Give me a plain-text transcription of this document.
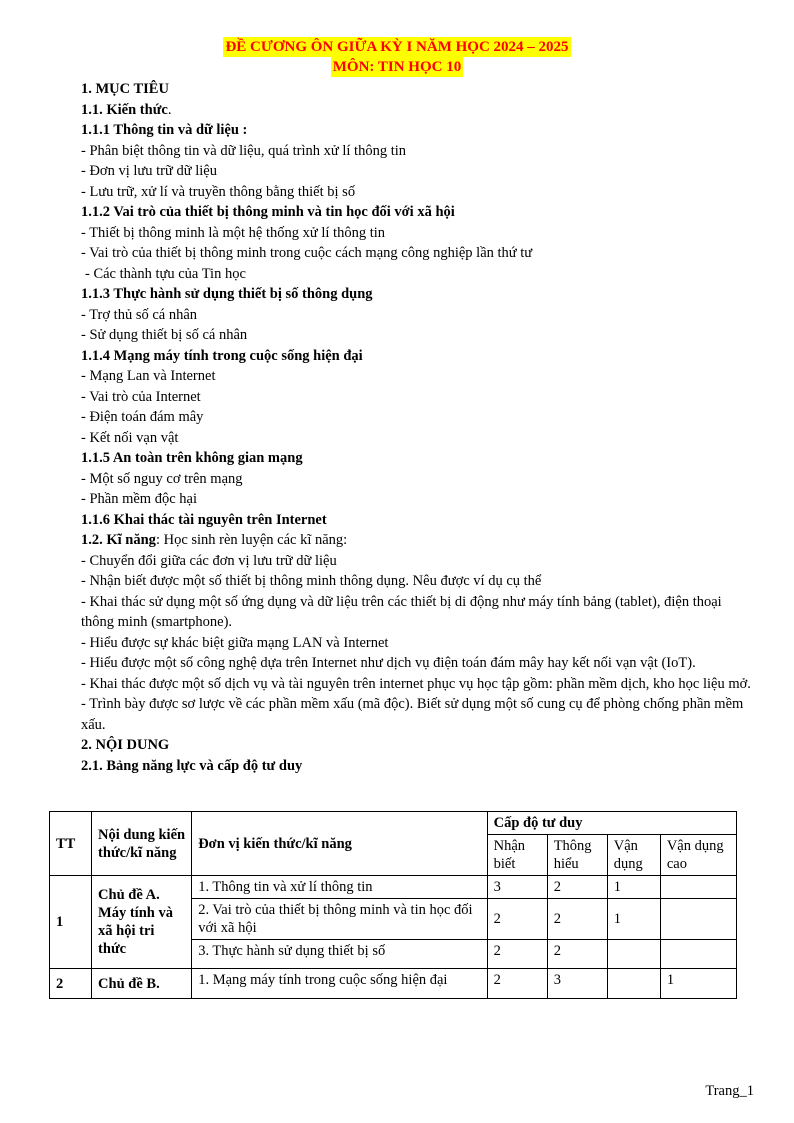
ĐỀ CƯƠNG ÔN GIỮA KỲ I NĂM HỌC 2024 – 2025
MÔN: TIN HỌC 10
1. MỤC TIÊU
1.1. Kiến thức.
1.1.1 Thông tin và dữ liệu :
- Phân biệt thông tin và dữ liệu, quá trình xử lí thông tin
- Đơn vị lưu trữ dữ liệu
- Lưu trữ, xử lí và truyền thông bằng thiết bị số
1.1.2 Vai trò của thiết bị thông minh và tin học đối với xã hội
- Thiết bị thông minh là một hệ thống xử lí thông tin
- Vai trò của thiết bị thông minh trong cuộc cách mạng công nghiệp lần thứ tư
- Các thành tựu của Tin học
1.1.3 Thực hành sử dụng thiết bị số thông dụng
- Trợ thủ số cá nhân
- Sử dụng thiết bị số cá nhân
1.1.4 Mạng máy tính trong cuộc sống hiện đại
- Mạng Lan và Internet
- Vai trò của Internet
- Điện toán đám mây
- Kết nối vạn vật
1.1.5 An toàn trên không gian mạng
- Một số nguy cơ trên mạng
- Phần mềm độc hại
1.1.6 Khai thác tài nguyên trên Internet
1.2. Kĩ năng: Học sinh rèn luyện các kĩ năng:
- Chuyển đổi giữa các đơn vị lưu trữ dữ liệu
- Nhận biết được một số thiết bị thông minh thông dụng. Nêu được ví dụ cụ thể
- Khai thác sử dụng một số ứng dụng và dữ liệu trên các thiết bị di động như máy tính bảng (tablet), điện thoại thông minh (smartphone).
- Hiểu được sự khác biệt giữa mạng LAN và Internet
- Hiểu được một số công nghệ dựa trên Internet như dịch vụ điện toán đám mây hay kết nối vạn vật (IoT).
- Khai thác được một số dịch vụ và tài nguyên trên internet phục vụ học tập gồm: phần mềm dịch, kho học liệu mở.
- Trình bày được sơ lược về các phần mềm xấu (mã độc). Biết sử dụng một số cung cụ để phòng chống phần mềm xấu.
2. NỘI DUNG
2.1. Bảng năng lực và cấp độ tư duy
TT	Nội dung kiến thức/kĩ năng	Đơn vị kiến thức/kĩ năng	Cấp độ tư duy			
			Nhận biết	Thông hiểu	Vận dụng	Vận dụng cao
1	Chủ đề A. Máy tính và xã hội tri thức	1. Thông tin và xử lí thông tin	3	2	1	
		2. Vai trò của thiết bị thông minh và tin học đối với xã hội	2	2	1	
		3. Thực hành sử dụng thiết bị số	2	2		
2	Chủ đề B.	1. Mạng máy tính trong cuộc sống hiện đại	2	3		1
Trang_1
